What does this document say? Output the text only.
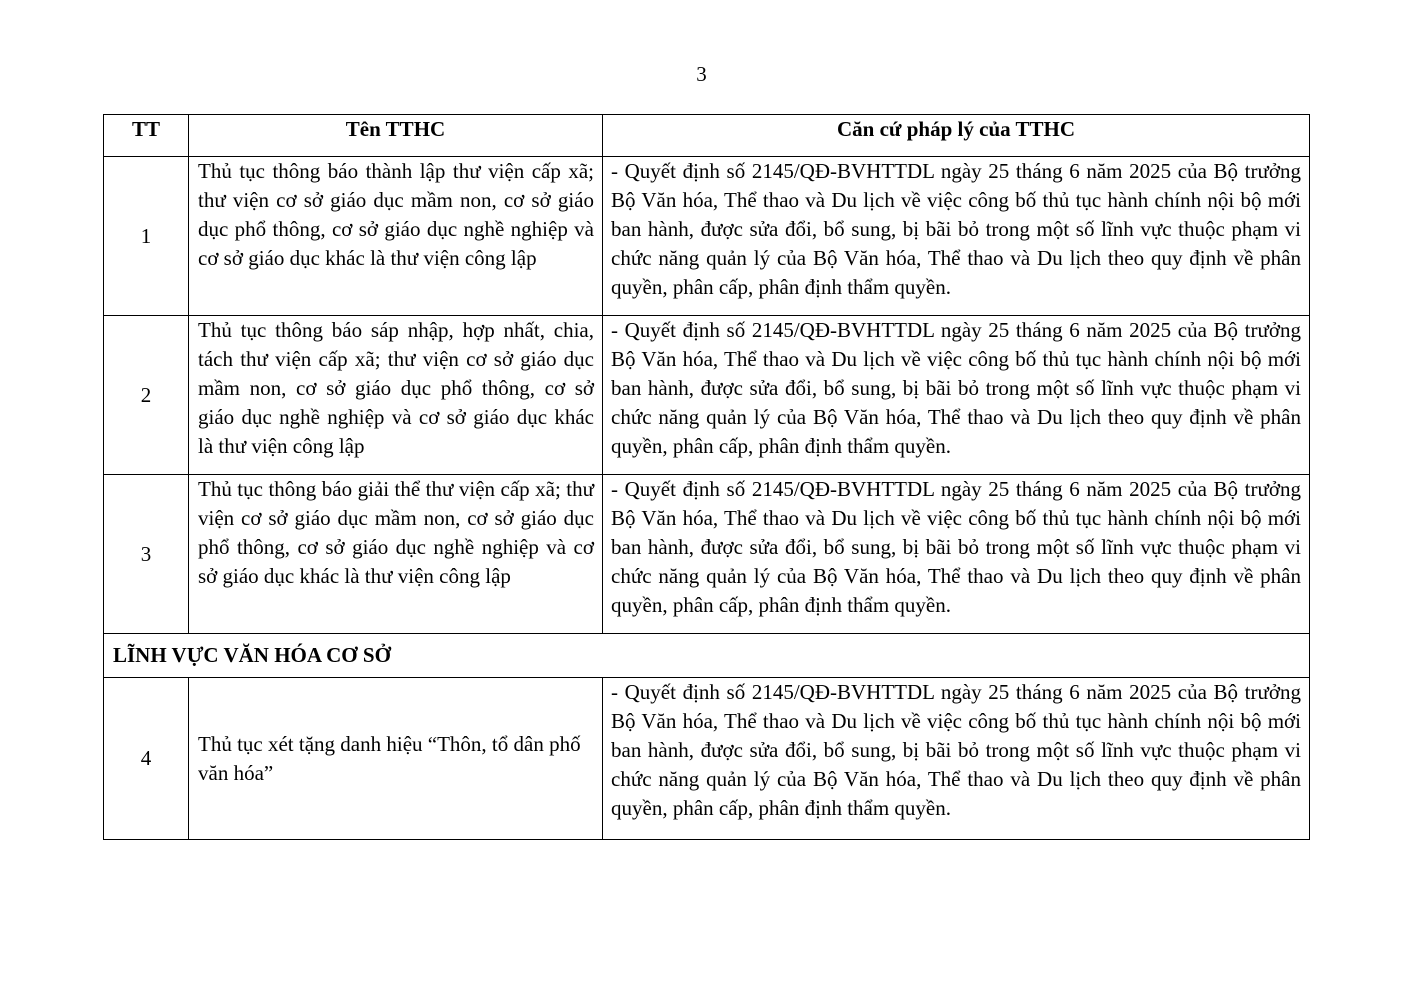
3
TT	Tên TTHC	Căn cứ pháp lý của TTHC
1	Thủ tục thông báo thành lập thư viện cấp xã; thư viện cơ sở giáo dục mầm non, cơ sở giáo dục phổ thông, cơ sở giáo dục nghề nghiệp và cơ sở giáo dục khác là thư viện công lập	- Quyết định số 2145/QĐ-BVHTTDL ngày 25 tháng 6 năm 2025 của Bộ trưởng Bộ Văn hóa, Thể thao và Du lịch về việc công bố thủ tục hành chính nội bộ mới ban hành, được sửa đổi, bổ sung, bị bãi bỏ trong một số lĩnh vực thuộc phạm vi chức năng quản lý của Bộ Văn hóa, Thể thao và Du lịch theo quy định về phân quyền, phân cấp, phân định thẩm quyền.
2	Thủ tục thông báo sáp nhập, hợp nhất, chia, tách thư viện cấp xã; thư viện cơ sở giáo dục mầm non, cơ sở giáo dục phổ thông, cơ sở giáo dục nghề nghiệp và cơ sở giáo dục khác là thư viện công lập	- Quyết định số 2145/QĐ-BVHTTDL ngày 25 tháng 6 năm 2025 của Bộ trưởng Bộ Văn hóa, Thể thao và Du lịch về việc công bố thủ tục hành chính nội bộ mới ban hành, được sửa đổi, bổ sung, bị bãi bỏ trong một số lĩnh vực thuộc phạm vi chức năng quản lý của Bộ Văn hóa, Thể thao và Du lịch theo quy định về phân quyền, phân cấp, phân định thẩm quyền.
3	Thủ tục thông báo giải thể thư viện cấp xã; thư viện cơ sở giáo dục mầm non, cơ sở giáo dục phổ thông, cơ sở giáo dục nghề nghiệp và cơ sở giáo dục khác là thư viện công lập	- Quyết định số 2145/QĐ-BVHTTDL ngày 25 tháng 6 năm 2025 của Bộ trưởng Bộ Văn hóa, Thể thao và Du lịch về việc công bố thủ tục hành chính nội bộ mới ban hành, được sửa đổi, bổ sung, bị bãi bỏ trong một số lĩnh vực thuộc phạm vi chức năng quản lý của Bộ Văn hóa, Thể thao và Du lịch theo quy định về phân quyền, phân cấp, phân định thẩm quyền.
LĨNH VỰC VĂN HÓA CƠ SỞ		
4	Thủ tục xét tặng danh hiệu “Thôn, tổ dân phố văn hóa”	- Quyết định số 2145/QĐ-BVHTTDL ngày 25 tháng 6 năm 2025 của Bộ trưởng Bộ Văn hóa, Thể thao và Du lịch về việc công bố thủ tục hành chính nội bộ mới ban hành, được sửa đổi, bổ sung, bị bãi bỏ trong một số lĩnh vực thuộc phạm vi chức năng quản lý của Bộ Văn hóa, Thể thao và Du lịch theo quy định về phân quyền, phân cấp, phân định thẩm quyền.
